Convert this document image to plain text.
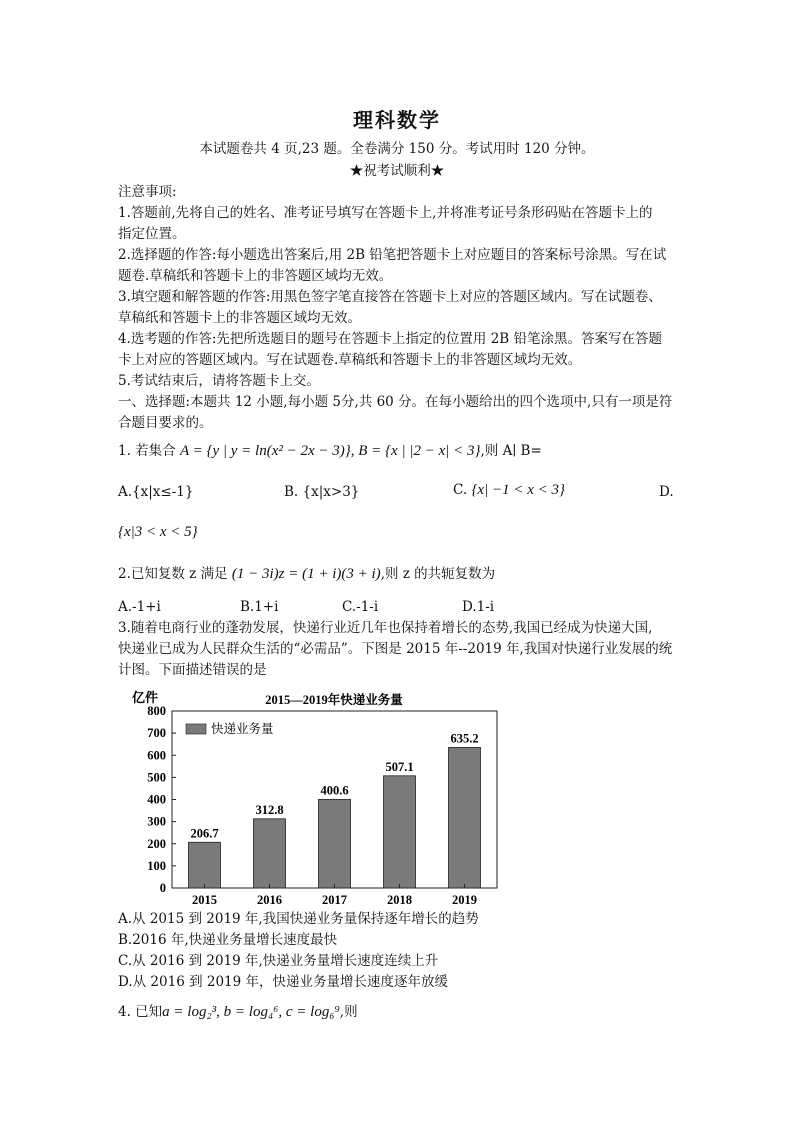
理科数学
本试题卷共 4 页,23 题。全卷满分 150 分。考试用时 120 分钟。
★祝考试顺利★
注意事项:
1.答题前,先将自己的姓名、准考证号填写在答题卡上,并将准考证号条形码贴在答题卡上的
指定位置。
2.选择题的作答:每小题选出答案后,用 2B 铅笔把答题卡上对应题目的答案标号涂黑。写在试
题卷.草稿纸和答题卡上的非答题区域均无效。
3.填空题和解答题的作答:用黑色签字笔直接答在答题卡上对应的答题区域内。写在试题卷、
草稿纸和答题卡上的非答题区域均无效。
4.选考题的作答:先把所选题目的题号在答题卡上指定的位置用 2B 铅笔涂黑。答案写在答题
卡上对应的答题区域内。写在试题卷.草稿纸和答题卡上的非答题区域均无效。
5.考试结束后，请将答题卡上交。
一、选择题:本题共 12 小题,每小题 5分,共 60 分。在每小题给出的四个选项中,只有一项是符
合题目要求的。
1. 若集合 A = {y | y = ln(x² − 2x − 3)}, B = {x | |2 − x| < 3},则 A∣ B=
A.{x|x≤-1}	B. {x|x>3}	C. {x| −1 < x < 3}	D.
{x|3 < x < 5}
2.已知复数 z 满足 (1 − 3i)z = (1 + i)(3 + i),则 z 的共轭复数为
A.-1+i	B.1+i	C.-1-i	D.1-i
3.随着电商行业的蓬勃发展，快递行业近几年也保持着增长的态势,我国已经成为快递大国,
快递业已成为人民群众生活的“必需品”。下图是 2015 年--2019 年,我国对快递行业发展的统
计图。下面描述错误的是
亿件	2015—2019年快递业务量
快递业务量
0
100
200
300
400
500
600
700
800
206.7
312.8
400.6
507.1
635.2
2015	2016	2017	2018	2019
A.从 2015 到 2019 年,我国快递业务量保持逐年增长的趋势
B.2016 年,快递业务量增长速度最快
C.从 2016 到 2019 年,快递业务量增长速度连续上升
D.从 2016 到 2019 年，快递业务量增长速度逐年放缓
4. 已知a = log₂³, b = log₄⁶, c = log₆⁹,则
